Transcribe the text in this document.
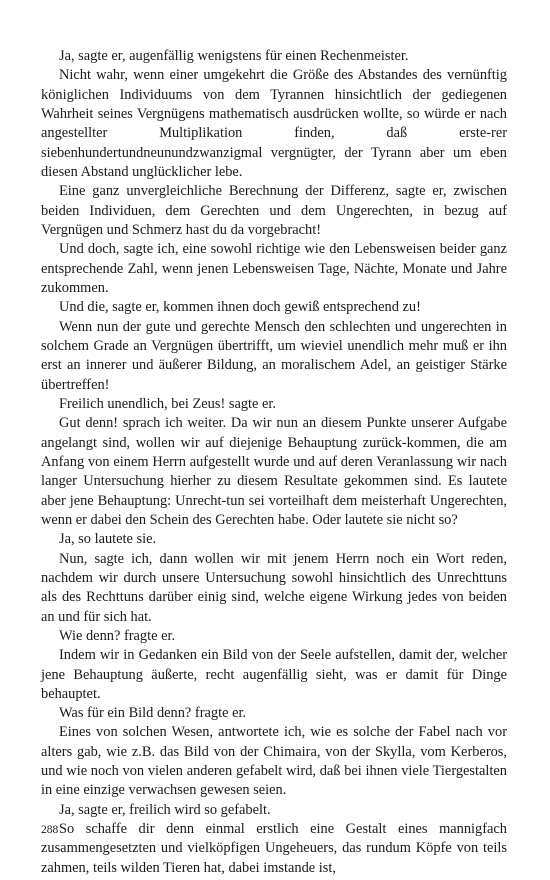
Ja, sagte er, augenfällig wenigstens für einen Rechenmeister.

Nicht wahr, wenn einer umgekehrt die Größe des Abstandes des vernünftig königlichen Individuums von dem Tyrannen hinsichtlich der gediegenen Wahrheit seines Vergnügens mathematisch ausdrücken wollte, so würde er nach angestellter Multiplikation finden, daß erste-rer siebenhundertundneunundzwanzigmal vergnügter, der Tyrann aber um eben diesen Abstand unglücklicher lebe.

Eine ganz unvergleichliche Berechnung der Differenz, sagte er, zwischen beiden Individuen, dem Gerechten und dem Ungerechten, in bezug auf Vergnügen und Schmerz hast du da vorgebracht!

Und doch, sagte ich, eine sowohl richtige wie den Lebensweisen beider ganz entsprechende Zahl, wenn jenen Lebensweisen Tage, Nächte, Monate und Jahre zukommen.

Und die, sagte er, kommen ihnen doch gewiß entsprechend zu!

Wenn nun der gute und gerechte Mensch den schlechten und ungerechten in solchem Grade an Vergnügen übertrifft, um wieviel unendlich mehr muß er ihn erst an innerer und äußerer Bildung, an moralischem Adel, an geistiger Stärke übertreffen!

Freilich unendlich, bei Zeus! sagte er.

Gut denn! sprach ich weiter. Da wir nun an diesem Punkte unserer Aufgabe angelangt sind, wollen wir auf diejenige Behauptung zurück-kommen, die am Anfang von einem Herrn aufgestellt wurde und auf deren Veranlassung wir nach langer Untersuchung hierher zu diesem Resultate gekommen sind. Es lautete aber jene Behauptung: Unrecht-tun sei vorteilhaft dem meisterhaft Ungerechten, wenn er dabei den Schein des Gerechten habe. Oder lautete sie nicht so?

Ja, so lautete sie.

Nun, sagte ich, dann wollen wir mit jenem Herrn noch ein Wort reden, nachdem wir durch unsere Untersuchung sowohl hinsichtlich des Unrechttuns als des Rechttuns darüber einig sind, welche eigene Wirkung jedes von beiden an und für sich hat.

Wie denn? fragte er.

Indem wir in Gedanken ein Bild von der Seele aufstellen, damit der, welcher jene Behauptung äußerte, recht augenfällig sieht, was er damit für Dinge behauptet.

Was für ein Bild denn? fragte er.

Eines von solchen Wesen, antwortete ich, wie es solche der Fabel nach vor alters gab, wie z.B. das Bild von der Chimaira, von der Skylla, vom Kerberos, und wie noch von vielen anderen gefabelt wird, daß bei ihnen viele Tiergestalten in eine einzige verwachsen gewesen seien.

Ja, sagte er, freilich wird so gefabelt.

So schaffe dir denn einmal erstlich eine Gestalt eines mannigfach zusammengesetzten und vielköpfigen Ungeheuers, das rundum Köpfe von teils zahmen, teils wilden Tieren hat, dabei imstande ist,

288
